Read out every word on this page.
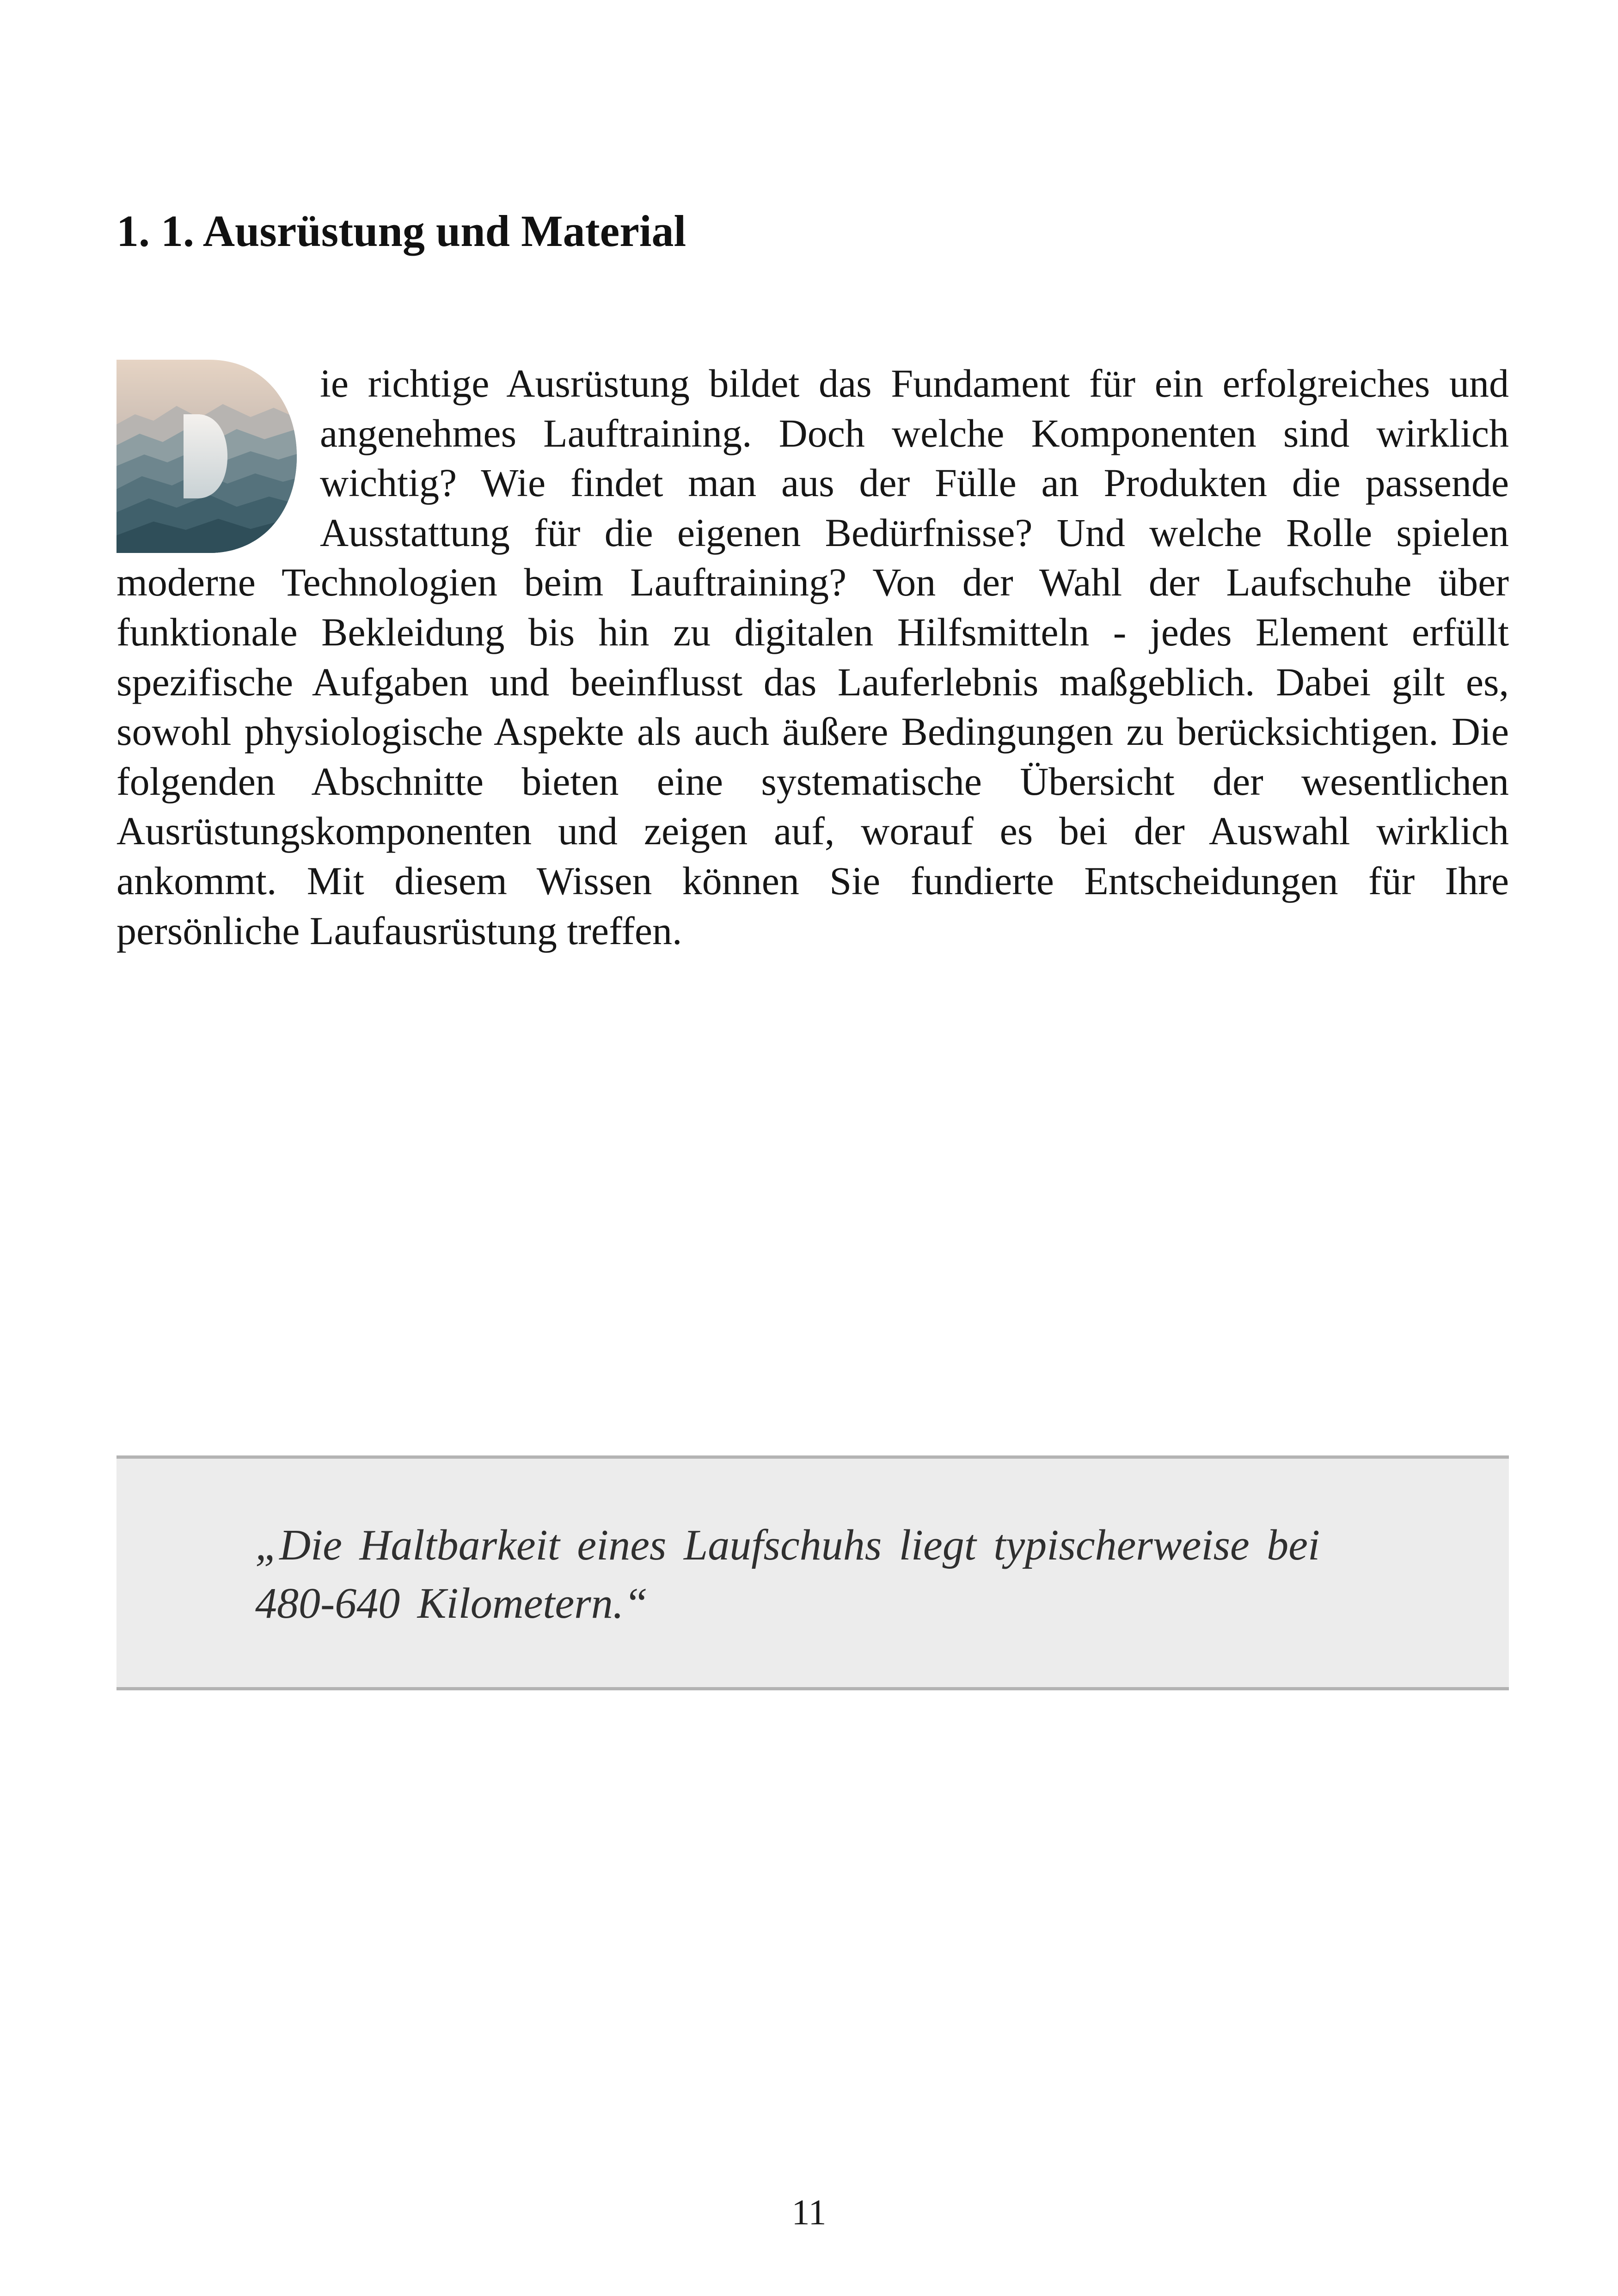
1. 1. Ausrüstung und Material

ie richtige Ausrüstung bildet das Fundament für ein erfolgreiches und angenehmes Lauftraining. Doch welche Komponenten sind wirklich wichtig? Wie findet man aus der Fülle an Produkten die passende Ausstattung für die eigenen Bedürfnisse? Und welche Rolle spielen moderne Technologien beim Lauftraining? Von der Wahl der Laufschuhe über funktionale Bekleidung bis hin zu digitalen Hilfsmitteln - jedes Element erfüllt spezifische Aufgaben und beeinflusst das Lauferlebnis maßgeblich. Dabei gilt es, sowohl physiologische Aspekte als auch äußere Bedingungen zu berücksichtigen. Die folgenden Abschnitte bieten eine systematische Übersicht der wesentlichen Ausrüstungskomponenten und zeigen auf, worauf es bei der Auswahl wirklich ankommt. Mit diesem Wissen können Sie fundierte Entscheidungen für Ihre persönliche Laufausrüstung treffen.

„Die Haltbarkeit eines Laufschuhs liegt typischerweise bei 480-640 Kilometern.“

11
